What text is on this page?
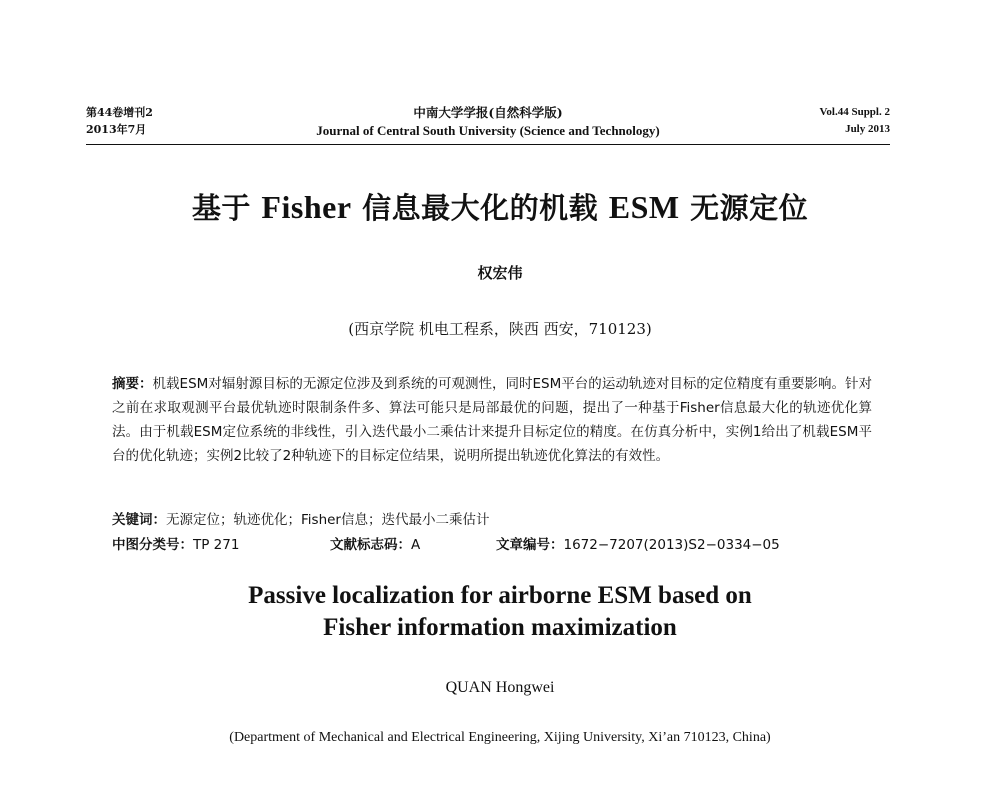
第44卷增刊2
2013年7月
中南大学学报(自然科学版)
Journal of Central South University (Science and Technology)
Vol.44 Suppl. 2
July 2013
基于 Fisher 信息最大化的机载 ESM 无源定位
权宏伟
(西京学院 机电工程系，陕西 西安，710123)
摘要：机载ESM对辐射源目标的无源定位涉及到系统的可观测性，同时ESM平台的运动轨迹对目标的定位精度有重要影响。针对之前在求取观测平台最优轨迹时限制条件多、算法可能只是局部最优的问题，提出了一种基于Fisher信息最大化的轨迹优化算法。由于机载ESM定位系统的非线性，引入迭代最小二乘估计来提升目标定位的精度。在仿真分析中，实例1给出了机载ESM平台的优化轨迹；实例2比较了2种轨迹下的目标定位结果，说明所提出轨迹优化算法的有效性。
关键词：无源定位；轨迹优化；Fisher信息；迭代最小二乘估计
中图分类号：TP 271	文献标志码：A	文章编号：1672−7207(2013)S2−0334−05
Passive localization for airborne ESM based on
Fisher information maximization
QUAN Hongwei
(Department of Mechanical and Electrical Engineering, Xijing University, Xi’an 710123, China)
